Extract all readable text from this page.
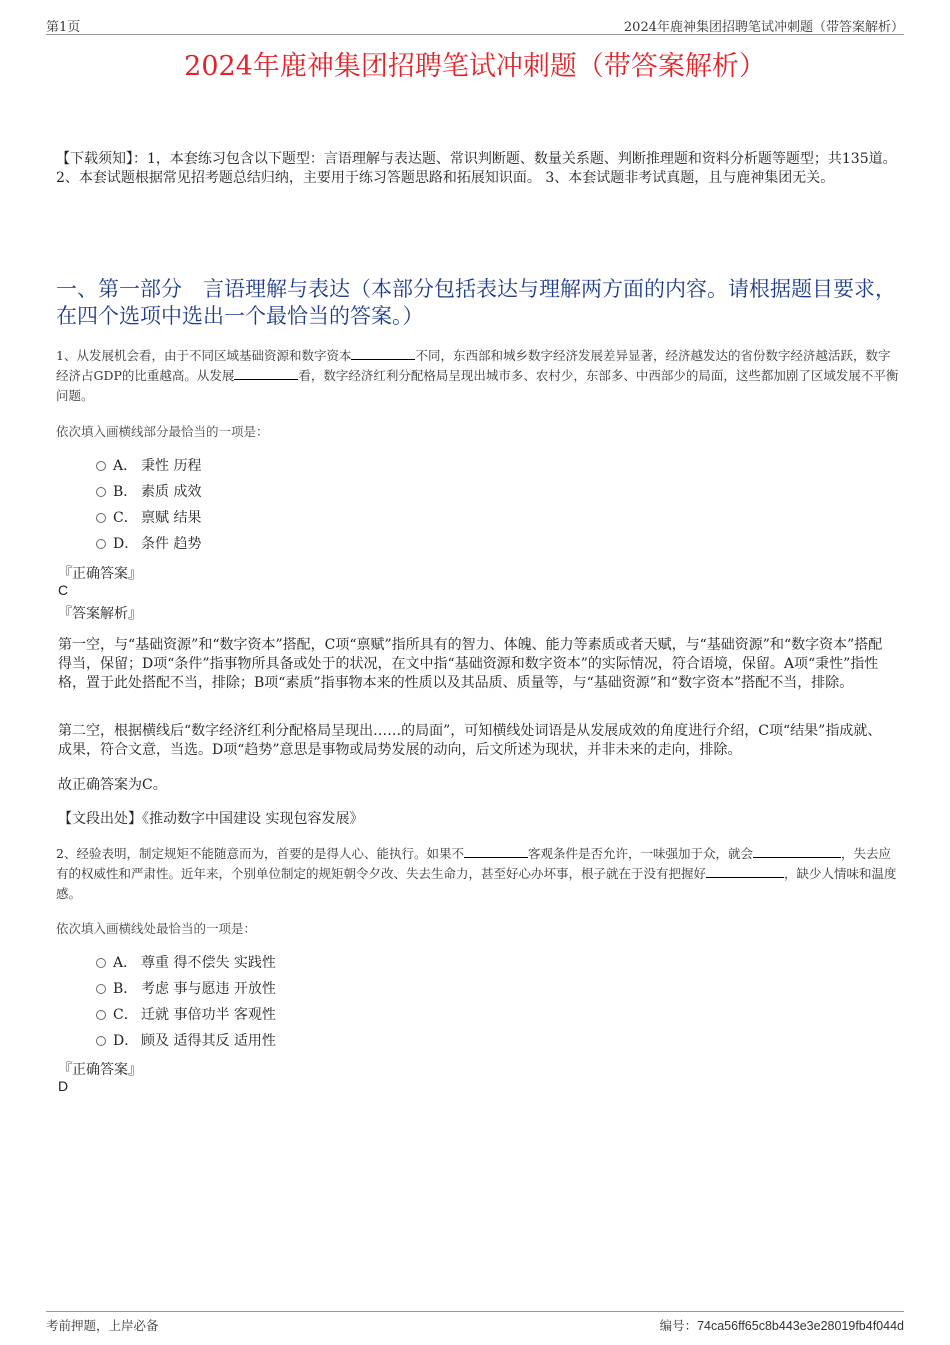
第1页	2024年鹿神集团招聘笔试冲刺题（带答案解析）
2024年鹿神集团招聘笔试冲刺题（带答案解析）
【下载须知】：1，本套练习包含以下题型：言语理解与表达题、常识判断题、数量关系题、判断推理题和资料分析题等题型；共135道。 2、本套试题根据常见招考题总结归纳，主要用于练习答题思路和拓展知识面。 3、本套试题非考试真题，且与鹿神集团无关。
一、第一部分　言语理解与表达（本部分包括表达与理解两方面的内容。请根据题目要求，在四个选项中选出一个最恰当的答案。）
1、从发展机会看，由于不同区域基础资源和数字资本	不同，东西部和城乡数字经济发展差异显著，经济越发达的省份数字经济越活跃，数字经济占GDP的比重越高。从发展	看，数字经济红利分配格局呈现出城市多、农村少，东部多、中西部少的局面，这些都加剧了区域发展不平衡问题。
依次填入画横线部分最恰当的一项是：
A． 秉性 历程
B． 素质 成效
C． 禀赋 结果
D． 条件 趋势
『正确答案』
C
『答案解析』
第一空，与“基础资源”和“数字资本”搭配，C项“禀赋”指所具有的智力、体魄、能力等素质或者天赋，与“基础资源”和“数字资本”搭配得当，保留；D项“条件”指事物所具备或处于的状况，在文中指“基础资源和数字资本”的实际情况，符合语境，保留。A项“秉性”指性格，置于此处搭配不当，排除；B项“素质”指事物本来的性质以及其品质、质量等，与“基础资源”和“数字资本”搭配不当，排除。
第二空，根据横线后“数字经济红利分配格局呈现出……的局面”，可知横线处词语是从发展成效的角度进行介绍，C项“结果”指成就、成果，符合文意，当选。D项“趋势”意思是事物或局势发展的动向，后文所述为现状，并非未来的走向，排除。
故正确答案为C。
【文段出处】《推动数字中国建设 实现包容发展》
2、经验表明，制定规矩不能随意而为，首要的是得人心、能执行。如果不	客观条件是否允许，一味强加于众，就会	，失去应有的权威性和严肃性。近年来，个别单位制定的规矩朝令夕改、失去生命力，甚至好心办坏事，根子就在于没有把握好	，缺少人情味和温度感。
依次填入画横线处最恰当的一项是：
A． 尊重 得不偿失 实践性
B． 考虑 事与愿违 开放性
C． 迁就 事倍功半 客观性
D． 顾及 适得其反 适用性
『正确答案』
D
考前押题，上岸必备	编号：74ca56ff65c8b443e3e28019fb4f044d
